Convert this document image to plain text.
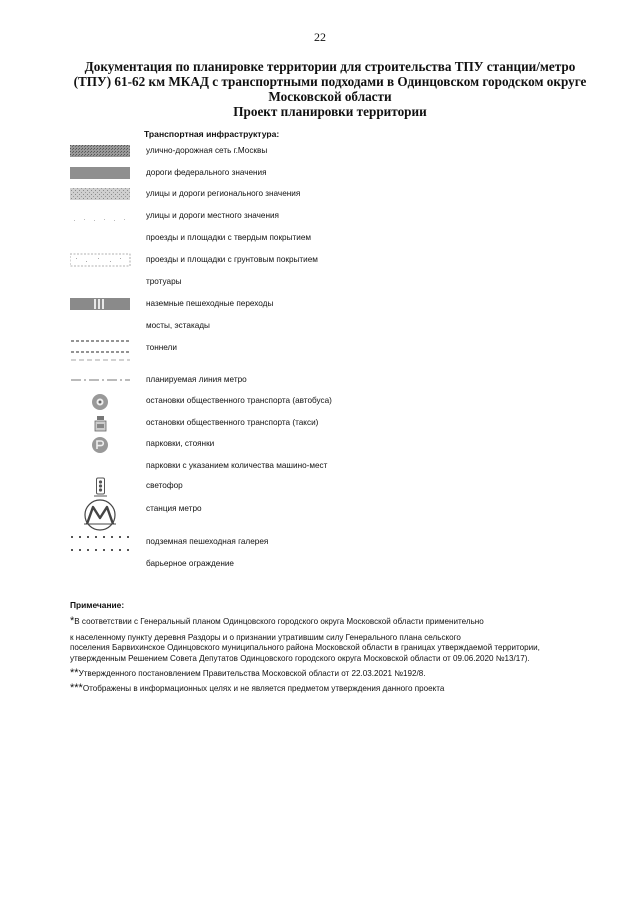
22
Документация по планировке территории для строительства ТПУ станции/метро
(ТПУ) 61-62 км МКАД с транспортными подходами в Одинцовском городском округе
Московской области
Проект планировки территории
Транспортная инфраструктура:
улично-дорожная сеть г.Москвы
дороги федерального значения
улицы и дороги регионального значения
улицы и дороги местного значения
проезды и площадки с твердым покрытием
проезды и площадки с грунтовым покрытием
тротуары
наземные пешеходные переходы
мосты, эстакады
тоннели
планируемая линия метро
остановки общественного транспорта (автобуса)
остановки общественного транспорта (такси)
парковки, стоянки
парковки с указанием количества машино-мест
светофор
станция метро
подземная пешеходная галерея
барьерное ограждение
Примечание:
*В соответствии с Генеральный планом Одинцовского городского округа Московской области применительно
к населенному пункту деревня Раздоры и о признании утратившим силу Генерального плана сельского
поселения Барвихинское Одинцовского муниципального района Московской области в границах утверждаемой территории,
утвержденным Решением Совета Депутатов Одинцовского городского округа Московской области от 09.06.2020 №13/17).
**Утвержденного постановлением Правительства Московской области от 22.03.2021 №192/8.
***Отображены в информационных целях и не является предметом утверждения данного проекта
